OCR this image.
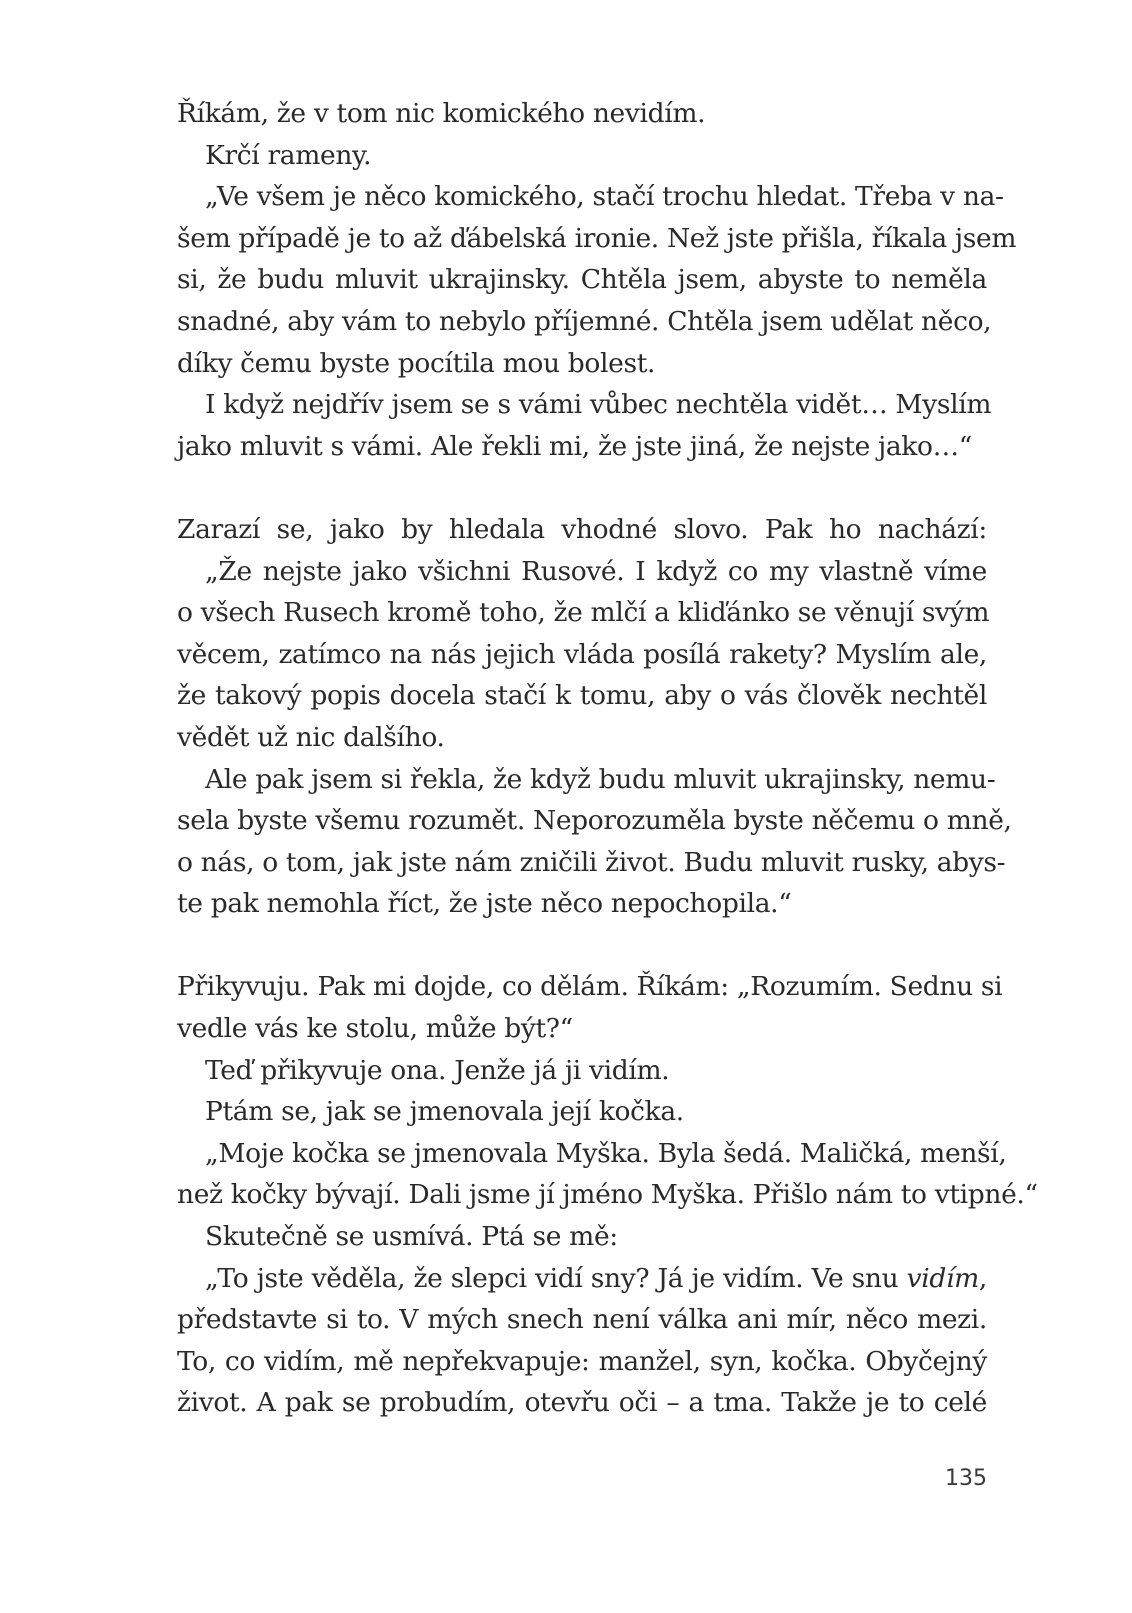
Říkám, že v tom nic komického nevidím.
Krčí rameny.
„Ve všem je něco komického, stačí trochu hledat. Třeba v na-
šem případě je to až ďábelská ironie. Než jste přišla, říkala jsem
si, že budu mluvit ukrajinsky. Chtěla jsem, abyste to neměla
snadné, aby vám to nebylo příjemné. Chtěla jsem udělat něco,
díky čemu byste pocítila mou bolest.
I když nejdřív jsem se s vámi vůbec nechtěla vidět… Myslím
jako mluvit s vámi. Ale řekli mi, že jste jiná, že nejste jako…“
Zarazí se, jako by hledala vhodné slovo. Pak ho nachází:
„Že nejste jako všichni Rusové. I když co my vlastně víme
o všech Rusech kromě toho, že mlčí a kliďánko se věnují svým
věcem, zatímco na nás jejich vláda posílá rakety? Myslím ale,
že takový popis docela stačí k tomu, aby o vás člověk nechtěl
vědět už nic dalšího.
Ale pak jsem si řekla, že když budu mluvit ukrajinsky, nemu-
sela byste všemu rozumět. Neporozuměla byste něčemu o mně,
o nás, o tom, jak jste nám zničili život. Budu mluvit rusky, abys-
te pak nemohla říct, že jste něco nepochopila.“
Přikyvuju. Pak mi dojde, co dělám. Říkám: „Rozumím. Sednu si
vedle vás ke stolu, může být?“
Teď přikyvuje ona. Jenže já ji vidím.
Ptám se, jak se jmenovala její kočka.
„Moje kočka se jmenovala Myška. Byla šedá. Maličká, menší,
než kočky bývají. Dali jsme jí jméno Myška. Přišlo nám to vtipné.“
Skutečně se usmívá. Ptá se mě:
„To jste věděla, že slepci vidí sny? Já je vidím. Ve snu vidím,
představte si to. V mých snech není válka ani mír, něco mezi.
To, co vidím, mě nepřekvapuje: manžel, syn, kočka. Obyčejný
život. A pak se probudím, otevřu oči – a tma. Takže je to celé
135
